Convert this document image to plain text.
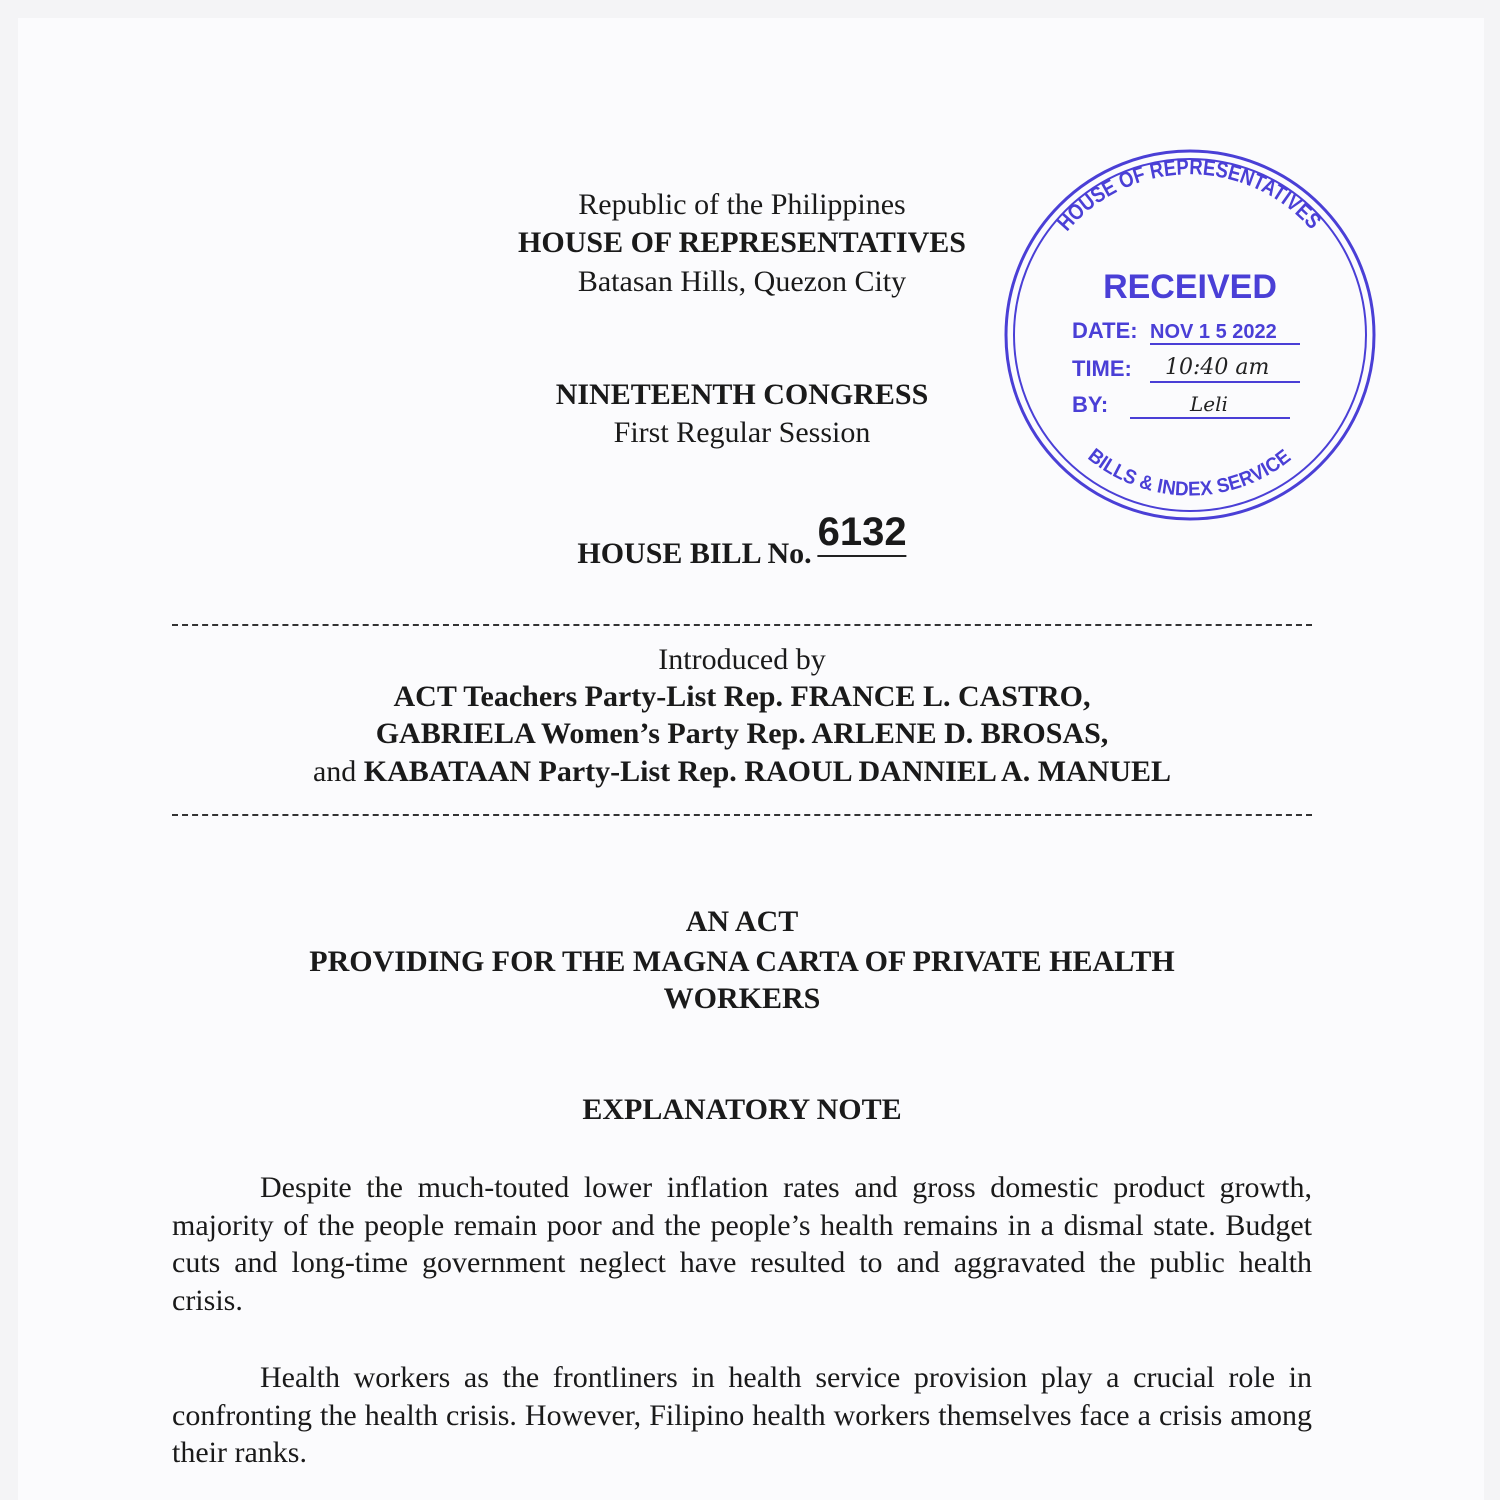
Republic of the Philippines
HOUSE OF REPRESENTATIVES
Batasan Hills, Quezon City
NINETEENTH CONGRESS
First Regular Session
HOUSE BILL No. 6132
HOUSE OF REPRESENTATIVES
BILLS & INDEX SERVICE
RECEIVED
DATE: NOV 1 5 2022
TIME:
BY:
10:40 am
Leli
Introduced by
ACT Teachers Party-List Rep. FRANCE L. CASTRO,
GABRIELA Women’s Party Rep. ARLENE D. BROSAS,
and KABATAAN Party-List Rep. RAOUL DANNIEL A. MANUEL
AN ACT
PROVIDING FOR THE MAGNA CARTA OF PRIVATE HEALTH
WORKERS
EXPLANATORY NOTE
Despite the much-touted lower inflation rates and gross domestic product growth, majority of the people remain poor and the people’s health remains in a dismal state. Budget cuts and long-time government neglect have resulted to and aggravated the public health crisis.
Health workers as the frontliners in health service provision play a crucial role in confronting the health crisis. However, Filipino health workers themselves face a crisis among their ranks.
